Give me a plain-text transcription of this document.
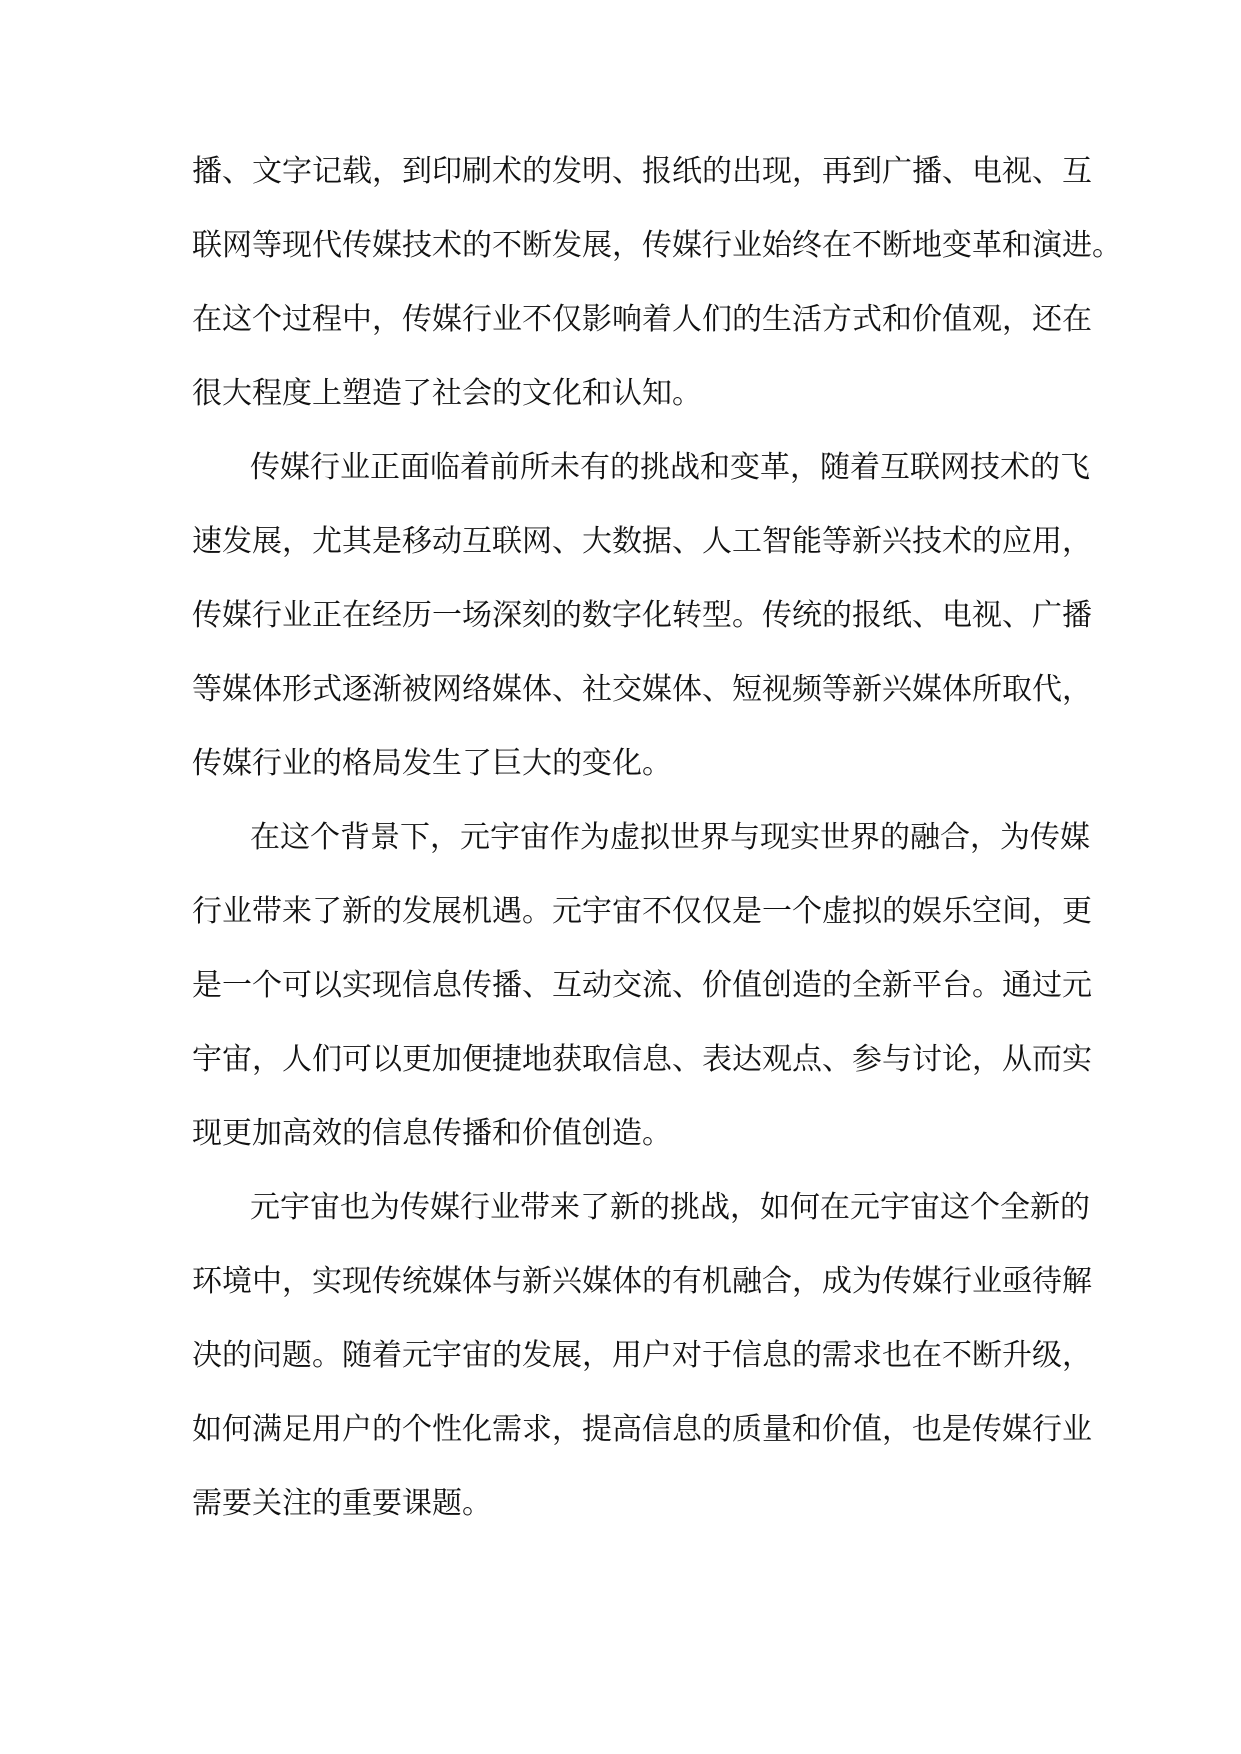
播、文字记载，到印刷术的发明、报纸的出现，再到广播、电视、互
联网等现代传媒技术的不断发展，传媒行业始终在不断地变革和演进。
在这个过程中，传媒行业不仅影响着人们的生活方式和价值观，还在
很大程度上塑造了社会的文化和认知。
传媒行业正面临着前所未有的挑战和变革，随着互联网技术的飞
速发展，尤其是移动互联网、大数据、人工智能等新兴技术的应用，
传媒行业正在经历一场深刻的数字化转型。传统的报纸、电视、广播
等媒体形式逐渐被网络媒体、社交媒体、短视频等新兴媒体所取代，
传媒行业的格局发生了巨大的变化。
在这个背景下，元宇宙作为虚拟世界与现实世界的融合，为传媒
行业带来了新的发展机遇。元宇宙不仅仅是一个虚拟的娱乐空间，更
是一个可以实现信息传播、互动交流、价值创造的全新平台。通过元
宇宙，人们可以更加便捷地获取信息、表达观点、参与讨论，从而实
现更加高效的信息传播和价值创造。
元宇宙也为传媒行业带来了新的挑战，如何在元宇宙这个全新的
环境中，实现传统媒体与新兴媒体的有机融合，成为传媒行业亟待解
决的问题。随着元宇宙的发展，用户对于信息的需求也在不断升级，
如何满足用户的个性化需求，提高信息的质量和价值，也是传媒行业
需要关注的重要课题。
